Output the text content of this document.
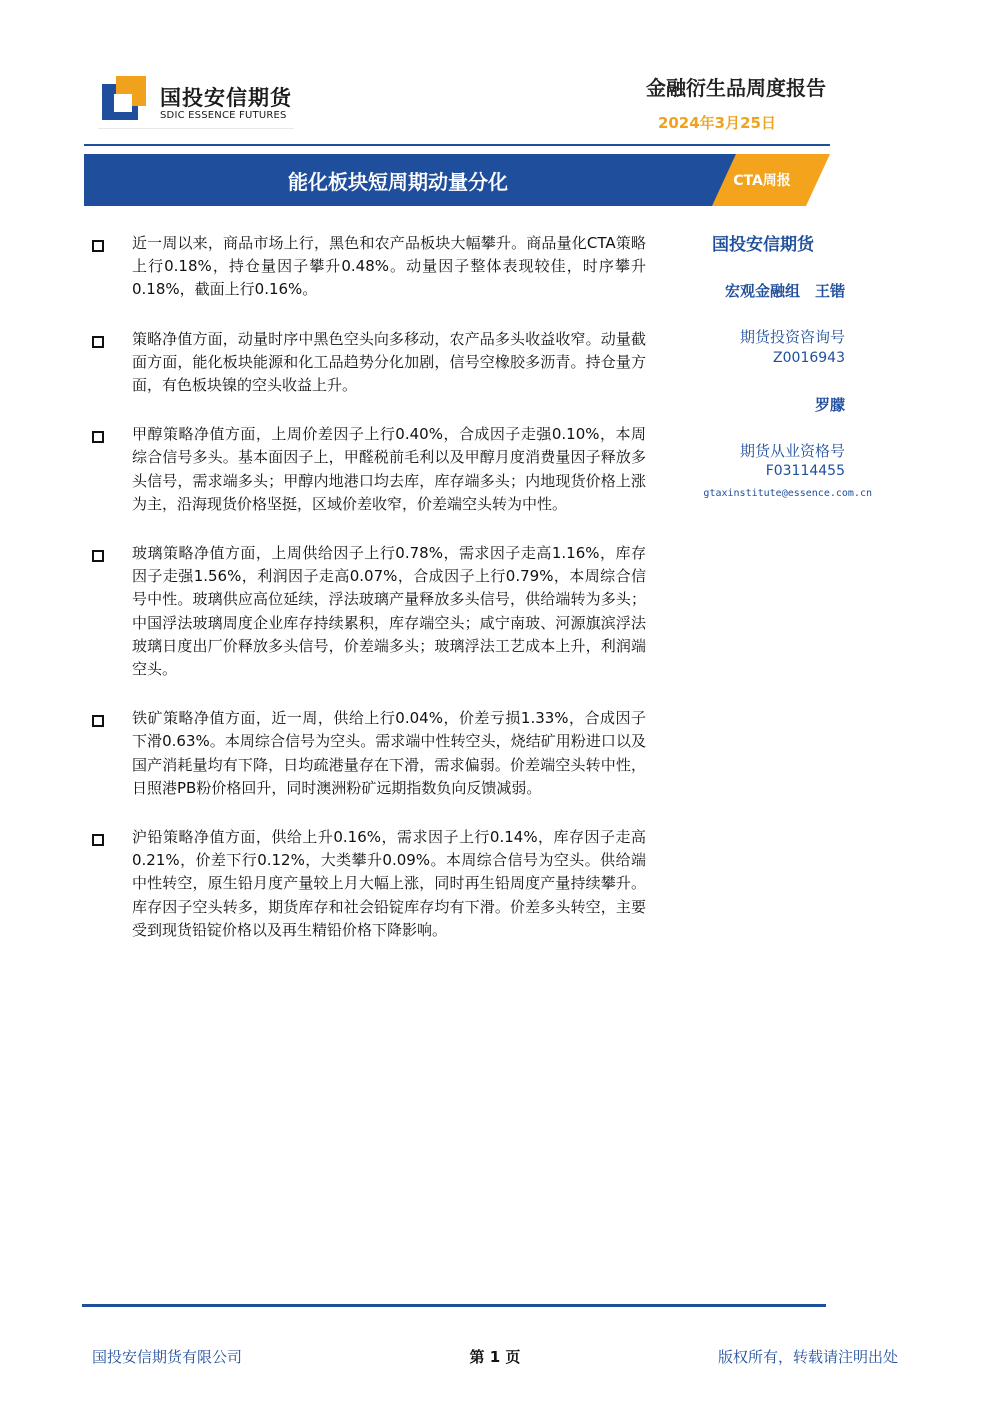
国投安信期货
SDIC ESSENCE FUTURES
金融衍生品周度报告
2024年3月25日
能化板块短周期动量分化	CTA周报
近一周以来，商品市场上行，黑色和农产品板块大幅攀升。商品量化CTA策略上行0.18%，持仓量因子攀升0.48%。动量因子整体表现较佳，时序攀升0.18%，截面上行0.16%。
策略净值方面，动量时序中黑色空头向多移动，农产品多头收益收窄。动量截面方面，能化板块能源和化工品趋势分化加剧，信号空橡胶多沥青。持仓量方面，有色板块镍的空头收益上升。
甲醇策略净值方面，上周价差因子上行0.40%，合成因子走强0.10%，本周综合信号多头。基本面因子上，甲醛税前毛利以及甲醇月度消费量因子释放多头信号，需求端多头；甲醇内地港口均去库，库存端多头；内地现货价格上涨为主，沿海现货价格坚挺，区域价差收窄，价差端空头转为中性。
玻璃策略净值方面，上周供给因子上行0.78%，需求因子走高1.16%，库存因子走强1.56%，利润因子走高0.07%，合成因子上行0.79%，本周综合信号中性。玻璃供应高位延续，浮法玻璃产量释放多头信号，供给端转为多头；中国浮法玻璃周度企业库存持续累积，库存端空头；咸宁南玻、河源旗滨浮法玻璃日度出厂价释放多头信号，价差端多头；玻璃浮法工艺成本上升，利润端空头。
铁矿策略净值方面，近一周，供给上行0.04%，价差亏损1.33%，合成因子下滑0.63%。本周综合信号为空头。需求端中性转空头，烧结矿用粉进口以及国产消耗量均有下降，日均疏港量存在下滑，需求偏弱。价差端空头转中性，日照港PB粉价格回升，同时澳洲粉矿远期指数负向反馈减弱。
沪铅策略净值方面，供给上升0.16%，需求因子上行0.14%，库存因子走高0.21%，价差下行0.12%，大类攀升0.09%。本周综合信号为空头。供给端中性转空，原生铅月度产量较上月大幅上涨，同时再生铅周度产量持续攀升。库存因子空头转多，期货库存和社会铅锭库存均有下滑。价差多头转空，主要受到现货铅锭价格以及再生精铅价格下降影响。
国投安信期货
宏观金融组　王锴
期货投资咨询号
Z0016943
罗朦
期货从业资格号
F03114455
gtaxinstitute@essence.com.cn
国投安信期货有限公司	第 1 页	版权所有，转载请注明出处
